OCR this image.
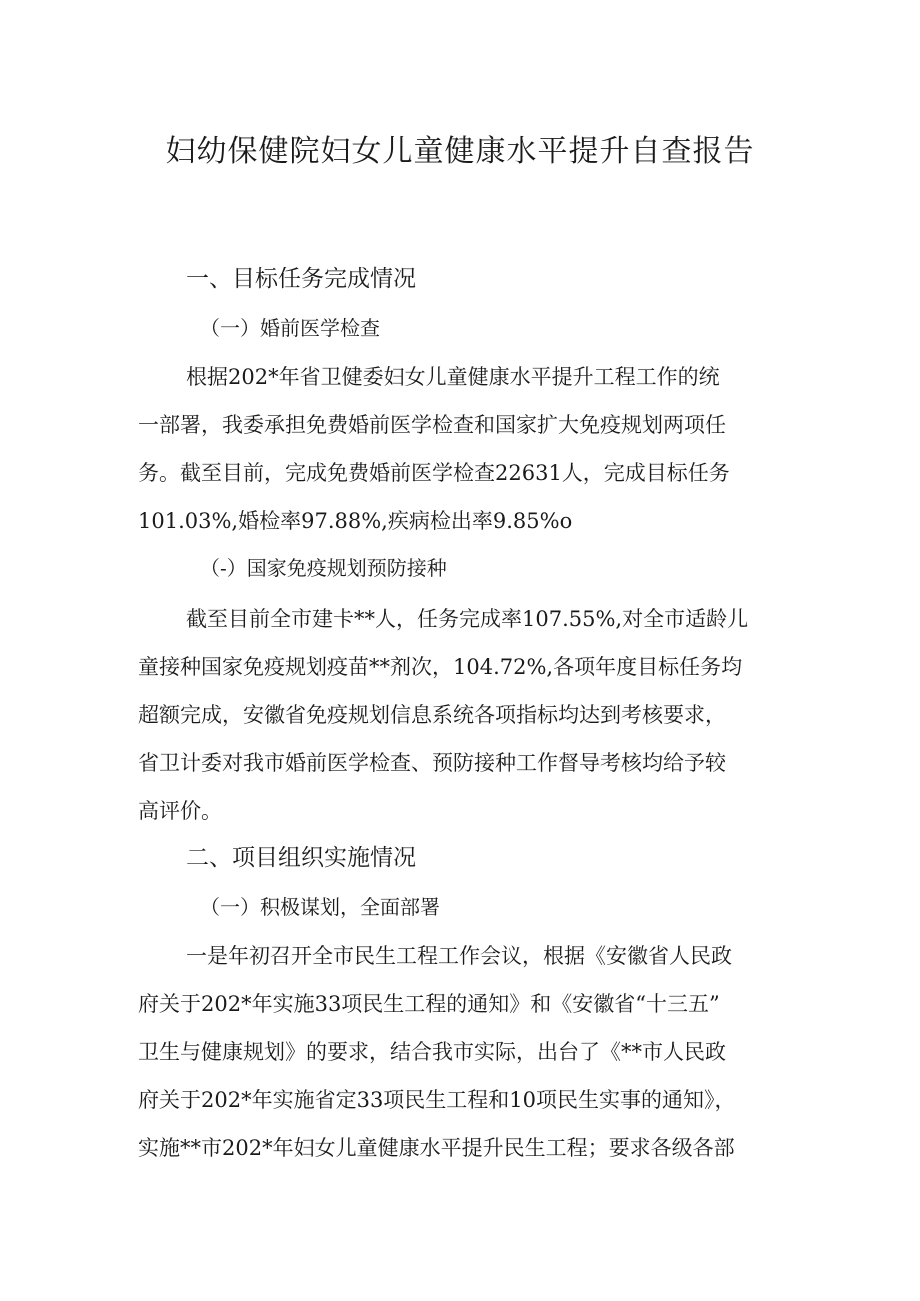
妇幼保健院妇女儿童健康水平提升自查报告
一、目标任务完成情况
（一）婚前医学检查
根据202*年省卫健委妇女儿童健康水平提升工程工作的统
一部署，我委承担免费婚前医学检查和国家扩大免疫规划两项任
务。截至目前，完成免费婚前医学检查22631人，完成目标任务
101.03%,婚检率97.88%,疾病检出率9.85%o
（-）国家免疫规划预防接种
截至目前全市建卡**人，任务完成率107.55%,对全市适龄儿
童接种国家免疫规划疫苗**剂次，104.72%,各项年度目标任务均
超额完成，安徽省免疫规划信息系统各项指标均达到考核要求，
省卫计委对我市婚前医学检查、预防接种工作督导考核均给予较
高评价。
二、项目组织实施情况
（一）积极谋划，全面部署
一是年初召开全市民生工程工作会议，根据《安徽省人民政
府关于202*年实施33项民生工程的通知》和《安徽省“十三五”
卫生与健康规划》的要求，结合我市实际，出台了《**市人民政
府关于202*年实施省定33项民生工程和10项民生实事的通知》，
实施**市202*年妇女儿童健康水平提升民生工程；要求各级各部
